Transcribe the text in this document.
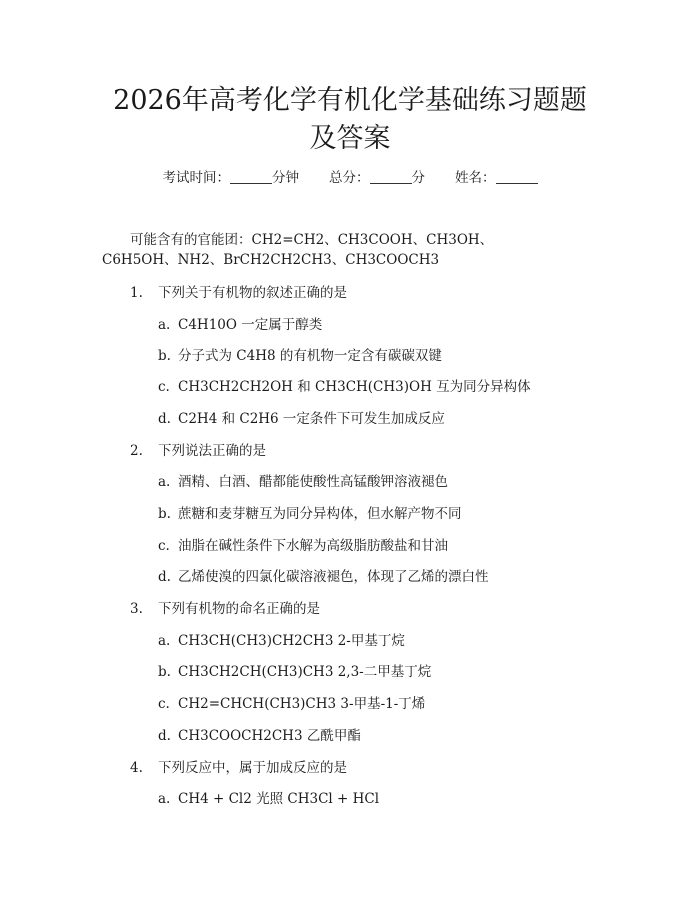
2026年高考化学有机化学基础练习题题及答案
考试时间：	分钟 总分：	分 姓名：

可能含有的官能团：CH2=CH2、CH3COOH、CH3OH、C6H5OH、NH2、BrCH2CH2CH3、CH3COOCH3

1. 下列关于有机物的叙述正确的是
a. C4H10O 一定属于醇类
b. 分子式为 C4H8 的有机物一定含有碳碳双键
c. CH3CH2CH2OH 和 CH3CH(CH3)OH 互为同分异构体
d. C2H4 和 C2H6 一定条件下可发生加成反应
2. 下列说法正确的是
a. 酒精、白酒、醋都能使酸性高锰酸钾溶液褪色
b. 蔗糖和麦芽糖互为同分异构体，但水解产物不同
c. 油脂在碱性条件下水解为高级脂肪酸盐和甘油
d. 乙烯使溴的四氯化碳溶液褪色，体现了乙烯的漂白性
3. 下列有机物的命名正确的是
a. CH3CH(CH3)CH2CH3 2-甲基丁烷
b. CH3CH2CH(CH3)CH3 2,3-二甲基丁烷
c. CH2=CHCH(CH3)CH3 3-甲基-1-丁烯
d. CH3COOCH2CH3 乙酰甲酯
4. 下列反应中，属于加成反应的是
a. CH4 + Cl2 光照 CH3Cl + HCl
